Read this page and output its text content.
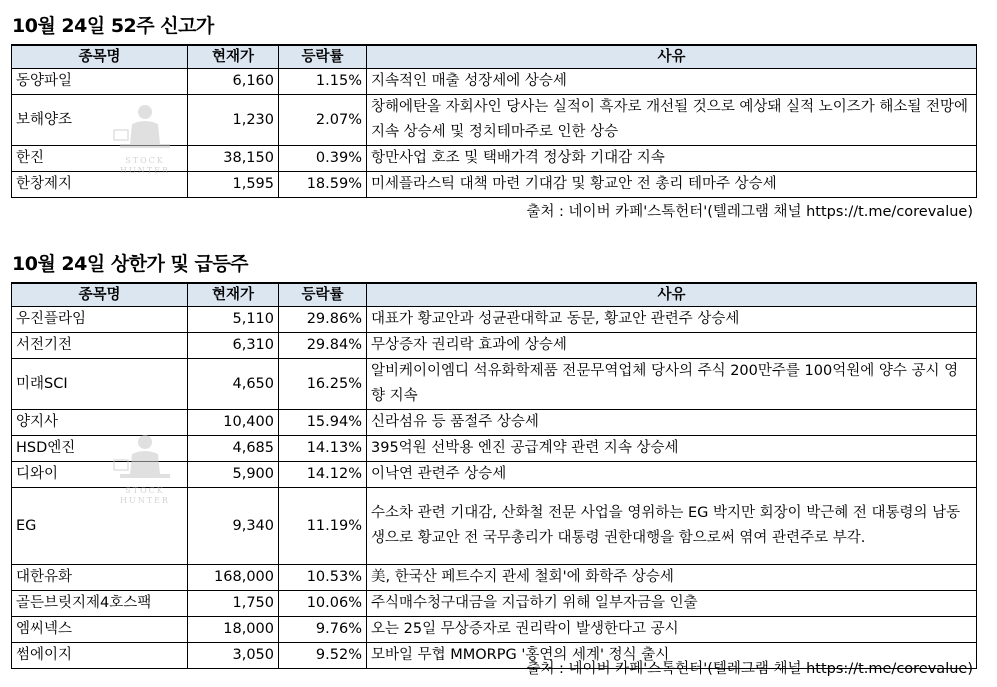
10월 24일 52주 신고가
종목명	현재가	등락률	사유
동양파일	6,160	1.15%	지속적인 매출 성장세에 상승세
보해양조	1,230	2.07%	창해에탄올 자회사인 당사는 실적이 흑자로 개선될 것으로 예상돼 실적 노이즈가 해소될 전망에 지속 상승세 및 정치테마주로 인한 상승
한진	38,150	0.39%	항만사업 호조 및 택배가격 정상화 기대감 지속
한창제지	1,595	18.59%	미세플라스틱 대책 마련 기대감 및 황교안 전 총리 테마주 상승세
출처 : 네이버 카페'스톡헌터'(텔레그램 채널 https://t.me/corevalue)
10월 24일 상한가 및 급등주
종목명	현재가	등락률	사유
우진플라임	5,110	29.86%	대표가 황교안과 성균관대학교 동문, 황교안 관련주 상승세
서전기전	6,310	29.84%	무상증자 권리락 효과에 상승세
미래SCI	4,650	16.25%	알비케이이엠디 석유화학제품 전문무역업체 당사의 주식 200만주를 100억원에 양수 공시 영향 지속
양지사	10,400	15.94%	신라섬유 등 품절주 상승세
HSD엔진	4,685	14.13%	395억원 선박용 엔진 공급계약 관련 지속 상승세
디와이	5,900	14.12%	이낙연 관련주 상승세
EG	9,340	11.19%	수소차 관련 기대감, 산화철 전문 사업을 영위하는 EG 박지만 회장이 박근혜 전 대통령의 남동생으로 황교안 전 국무총리가 대통령 권한대행을 함으로써 엮여 관련주로 부각.
대한유화	168,000	10.53%	美, 한국산 페트수지 관세 철회'에 화학주 상승세
골든브릿지제4호스팩	1,750	10.06%	주식매수청구대금을 지급하기 위해 일부자금을 인출
엠씨넥스	18,000	9.76%	오는 25일 무상증자로 권리락이 발생한다고 공시
썸에이지	3,050	9.52%	모바일 무협 MMORPG '홍연의 세계' 정식 출시
출처 : 네이버 카페'스톡헌터'(텔레그램 채널 https://t.me/corevalue)
STOCK
HUNTER
STOCK
HUNTER
